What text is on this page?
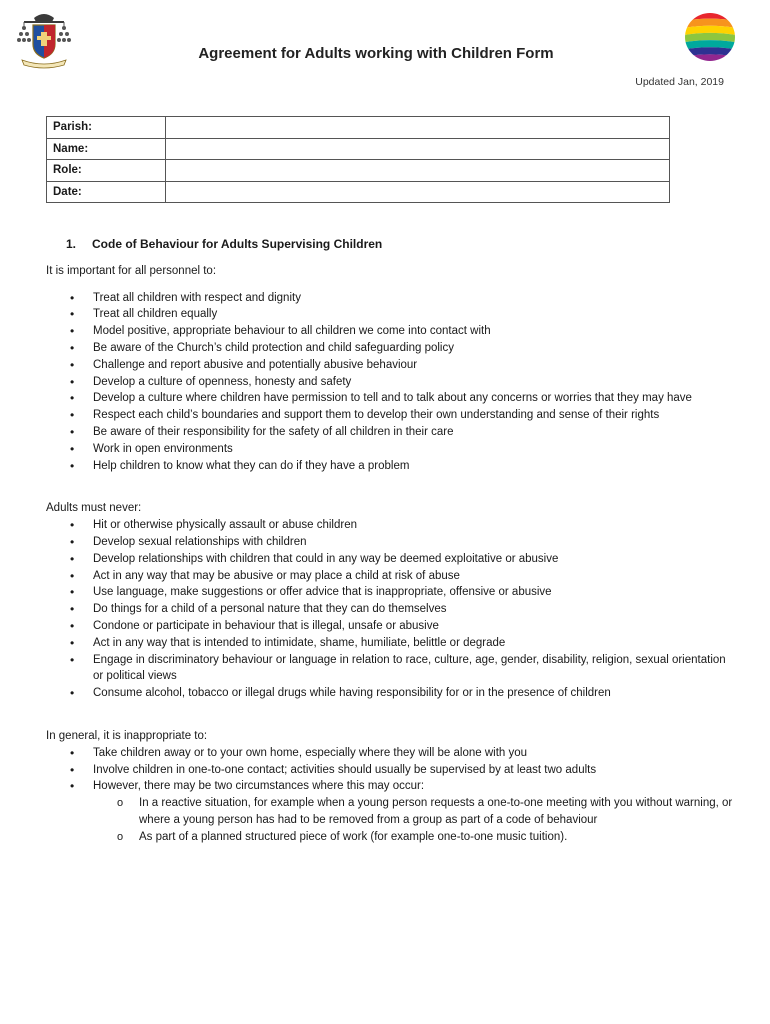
Agreement for Adults working with Children Form
Updated Jan, 2019
Parish:	
Name:	
Role:	
Date:	
1. Code of Behaviour for Adults Supervising Children

It is important for all personnel to:

• Treat all children with respect and dignity
• Treat all children equally
• Model positive, appropriate behaviour to all children we come into contact with
• Be aware of the Church’s child protection and child safeguarding policy
• Challenge and report abusive and potentially abusive behaviour
• Develop a culture of openness, honesty and safety
• Develop a culture where children have permission to tell and to talk about any concerns or worries that they may have
• Respect each child’s boundaries and support them to develop their own understanding and sense of their rights
• Be aware of their responsibility for the safety of all children in their care
• Work in open environments
• Help children to know what they can do if they have a problem

Adults must never:

• Hit or otherwise physically assault or abuse children
• Develop sexual relationships with children
• Develop relationships with children that could in any way be deemed exploitative or abusive
• Act in any way that may be abusive or may place a child at risk of abuse
• Use language, make suggestions or offer advice that is inappropriate, offensive or abusive
• Do things for a child of a personal nature that they can do themselves
• Condone or participate in behaviour that is illegal, unsafe or abusive
• Act in any way that is intended to intimidate, shame, humiliate, belittle or degrade
• Engage in discriminatory behaviour or language in relation to race, culture, age, gender, disability, religion, sexual orientation or political views
• Consume alcohol, tobacco or illegal drugs while having responsibility for or in the presence of children

In general, it is inappropriate to:

• Take children away or to your own home, especially where they will be alone with you
• Involve children in one-to-one contact; activities should usually be supervised by at least two adults
• However, there may be two circumstances where this may occur:
o In a reactive situation, for example when a young person requests a one-to-one meeting with you without warning, or where a young person has had to be removed from a group as part of a code of behaviour
o As part of a planned structured piece of work (for example one-to-one music tuition).
